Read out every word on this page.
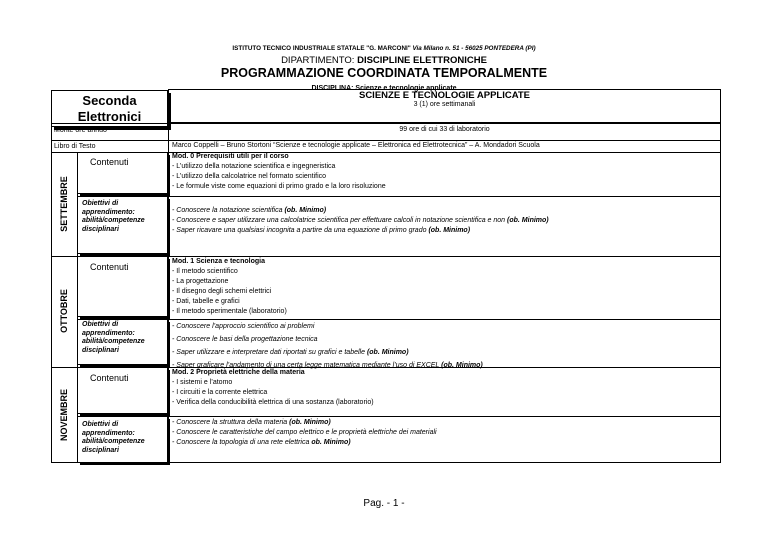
ISTITUTO TECNICO INDUSTRIALE STATALE "G. MARCONI" Via Milano n. 51 - 56025 PONTEDERA (PI)
DIPARTIMENTO: DISCIPLINE ELETTRONICHE
PROGRAMMAZIONE COORDINATA TEMPORALMENTE
DISCIPLINA: Scienze e tecnologie applicate
Seconda
Elettronici
SCIENZE E TECNOLOGIE APPLICATE
3 (1) ore settimanali
Monte ore annuo	99 ore di cui 33 di laboratorio
Libro di Testo	Marco Coppelli – Bruno Stortoni “Scienze e tecnologie applicate – Elettronica ed Elettrotecnica” – A. Mondadori Scuola
SETTEMBRE
OTTOBRE
NOVEMBRE
Contenuti
Obiettivi di apprendimento: abilità/competenze disciplinari
Contenuti
Obiettivi di apprendimento: abilità/competenze disciplinari
Contenuti
Obiettivi di apprendimento: abilità/competenze disciplinari
Mod. 0 Prerequisiti utili per il corso
- L’utilizzo della notazione scientifica e ingegneristica
- L’utilizzo della calcolatrice nel formato scientifico
- Le formule viste come equazioni di primo grado e la loro risoluzione
- Conoscere la notazione scientifica (ob. Minimo)
- Conoscere e saper utilizzare una calcolatrice scientifica per effettuare calcoli in notazione scientifica e non (ob. Minimo)
- Saper ricavare una qualsiasi incognita a partire da una equazione di primo grado (ob. Minimo)
Mod. 1 Scienza e tecnologia
- Il metodo scientifico
- La progettazione
- Il disegno degli schemi elettrici
- Dati, tabelle e grafici
- Il metodo sperimentale (laboratorio)
- Conoscere l’approccio scientifico ai problemi
- Conoscere le basi della progettazione tecnica
- Saper utilizzare e interpretare dati riportati su grafici e tabelle (ob. Minimo)
- Saper graficare l’andamento di una certa legge matematica mediante l’uso di EXCEL (ob. Minimo)
Mod. 2 Proprietà elettriche della materia
- I sistemi e l’atomo
- I circuiti e la corrente elettrica
- Verifica della conducibilità elettrica di una sostanza (laboratorio)
- Conoscere la struttura della materia (ob. Minimo)
- Conoscere le caratteristiche del campo elettrico e le proprietà elettriche dei materiali
- Conoscere la topologia di una rete elettrica ob. Minimo)
Pag. - 1 -
